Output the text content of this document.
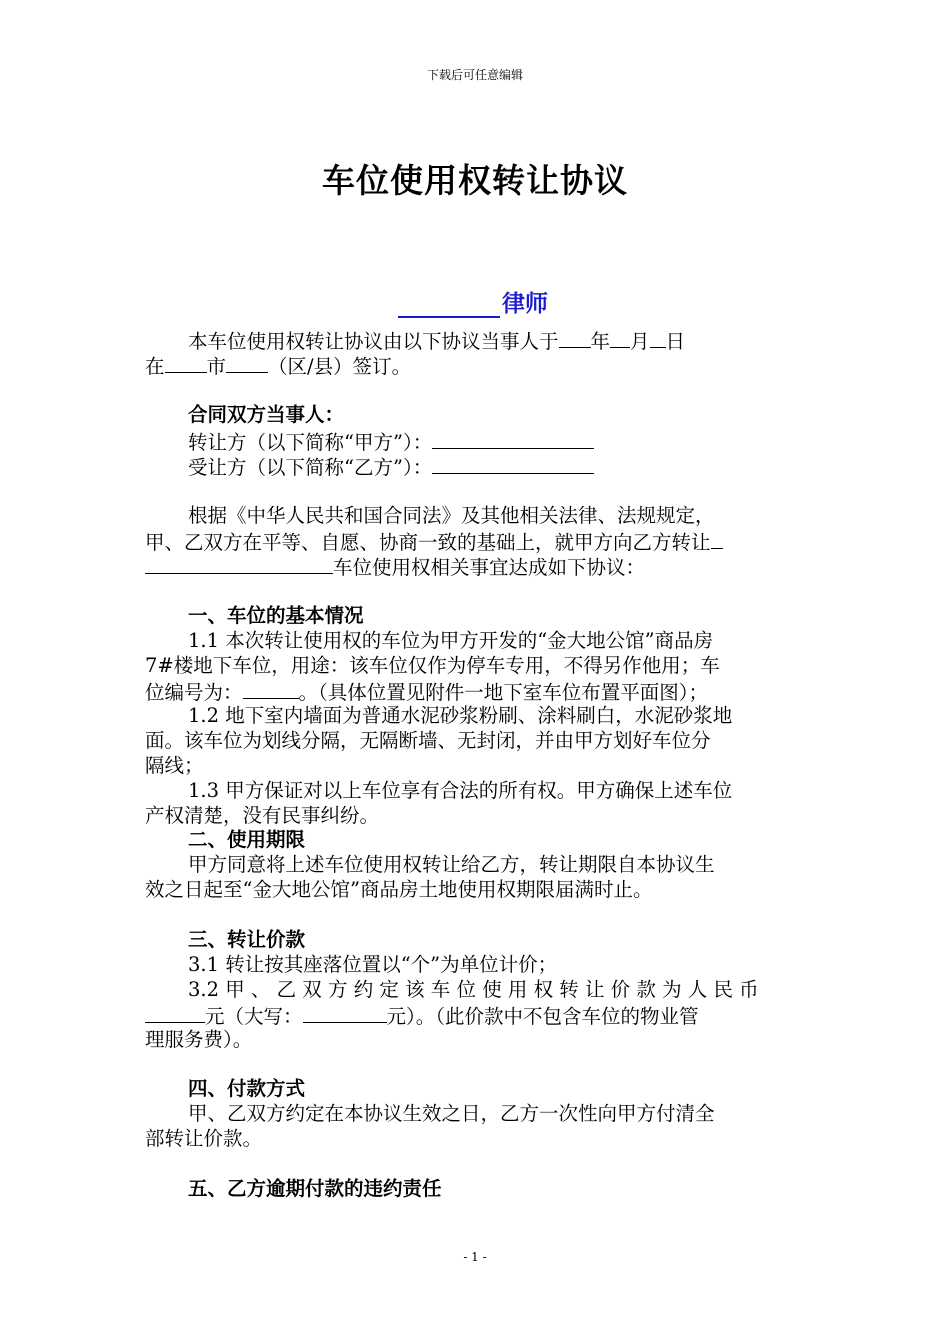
下载后可任意编辑
车位使用权转让协议
律师
本车位使用权转让协议由以下协议当事人于 年 月 日
在 市 （区/县）签订。
合同双方当事人：
转让方（以下简称“甲方”）：
受让方（以下简称“乙方”）：
根据《中华人民共和国合同法》及其他相关法律、法规规定，
甲、乙双方在平等、自愿、协商一致的基础上，就甲方向乙方转让
车位使用权相关事宜达成如下协议：
一、车位的基本情况
1.1 本次转让使用权的车位为甲方开发的“金大地公馆”商品房
7#楼地下车位，用途：该车位仅作为停车专用，不得另作他用；车
位编号为：	。（具体位置见附件一地下室车位布置平面图）；
1.2 地下室内墙面为普通水泥砂浆粉刷、涂料刷白，水泥砂浆地
面。该车位为划线分隔，无隔断墙、无封闭，并由甲方划好车位分
隔线；
1.3 甲方保证对以上车位享有合法的所有权。甲方确保上述车位
产权清楚，没有民事纠纷。
二、使用期限
甲方同意将上述车位使用权转让给乙方，转让期限自本协议生
效之日起至“金大地公馆”商品房土地使用权期限届满时止。
三、转让价款
3.1 转让按其座落位置以“个”为单位计价；
3.2 甲 、 乙 双 方 约 定 该 车 位 使 用 权 转 让 价 款 为 人 民 币
元（大写：	元）。（此价款中不包含车位的物业管
理服务费）。
四、付款方式
甲、乙双方约定在本协议生效之日，乙方一次性向甲方付清全
部转让价款。
五、乙方逾期付款的违约责任
- 1 -
